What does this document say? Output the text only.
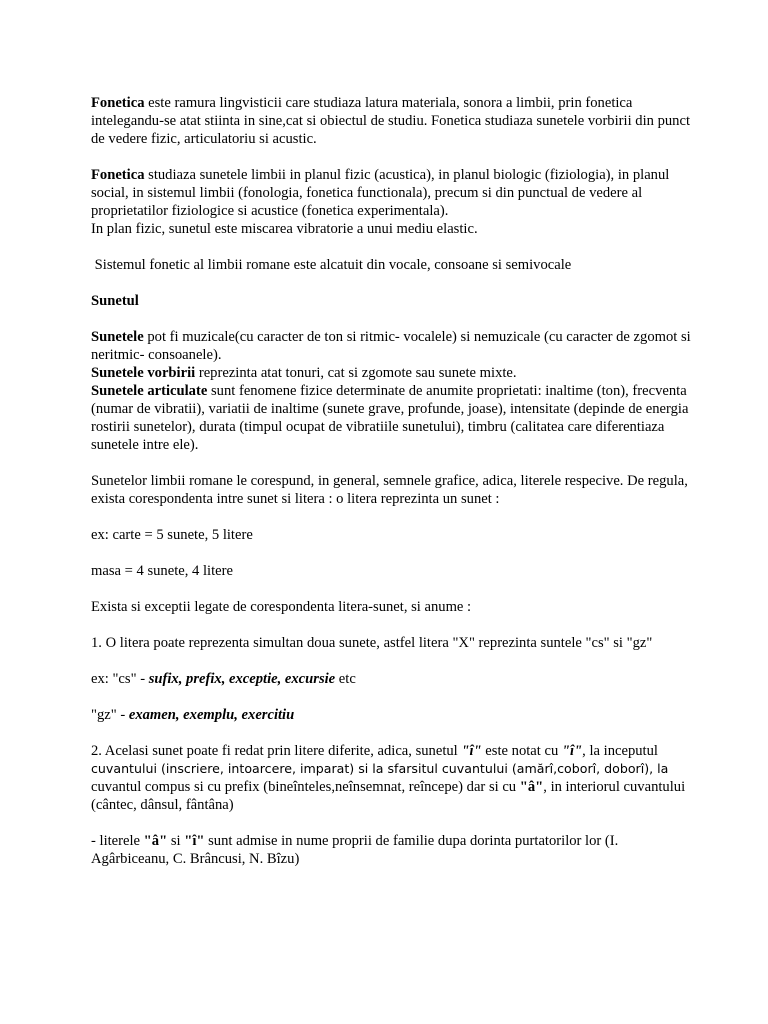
Fonetica este ramura lingvisticii care studiaza latura materiala, sonora a limbii, prin fonetica intelegandu-se atat stiinta in sine,cat si obiectul de studiu. Fonetica studiaza sunetele vorbirii din punct de vedere fizic, articulatoriu si acustic.

Fonetica studiaza sunetele limbii in planul fizic (acustica), in planul biologic (fiziologia), in planul social, in sistemul limbii (fonologia, fonetica functionala), precum si din punctual de vedere al proprietatilor fiziologice si acustice (fonetica experimentala).

In plan fizic, sunetul este miscarea vibratorie a unui mediu elastic.

Sistemul fonetic al limbii romane este alcatuit din vocale, consoane si semivocale

Sunetul

Sunetele pot fi muzicale(cu caracter de ton si ritmic- vocalele) si nemuzicale (cu caracter de zgomot si neritmic- consoanele).

Sunetele vorbirii reprezinta atat tonuri, cat si zgomote sau sunete mixte.

Sunetele articulate sunt fenomene fizice determinate de anumite proprietati: inaltime (ton), frecventa (numar de vibratii), variatii de inaltime (sunete grave, profunde, joase), intensitate (depinde de energia rostirii sunetelor), durata (timpul ocupat de vibratiile sunetului), timbru (calitatea care diferentiaza sunetele intre ele).

Sunetelor limbii romane le corespund, in general, semnele grafice, adica, literele respecive. De regula, exista corespondenta intre sunet si litera : o litera reprezinta un sunet :

ex: carte = 5 sunete, 5 litere

masa = 4 sunete, 4 litere

Exista si exceptii legate de corespondenta litera-sunet, si anume :

1. O litera poate reprezenta simultan doua sunete, astfel litera "X" reprezinta suntele "cs" si "gz"

ex: "cs" - sufix, prefix, exceptie, excursie etc

"gz" - examen, exemplu, exercitiu

2. Acelasi sunet poate fi redat prin litere diferite, adica, sunetul "î" este notat cu "î", la inceputul
cuvantului (inscriere, intoarcere, imparat) si la sfarsitul cuvantului (amărî,coborî, doborî), la
cuvantul compus si cu prefix (bineînteles,neînsemnat, reîncepe) dar si cu "â", in interiorul cuvantului (cântec, dânsul, fântâna)

- literele "â" si "î" sunt admise in nume proprii de familie dupa dorinta purtatorilor lor (I. Agârbiceanu, C. Brâncusi, N. Bîzu)
